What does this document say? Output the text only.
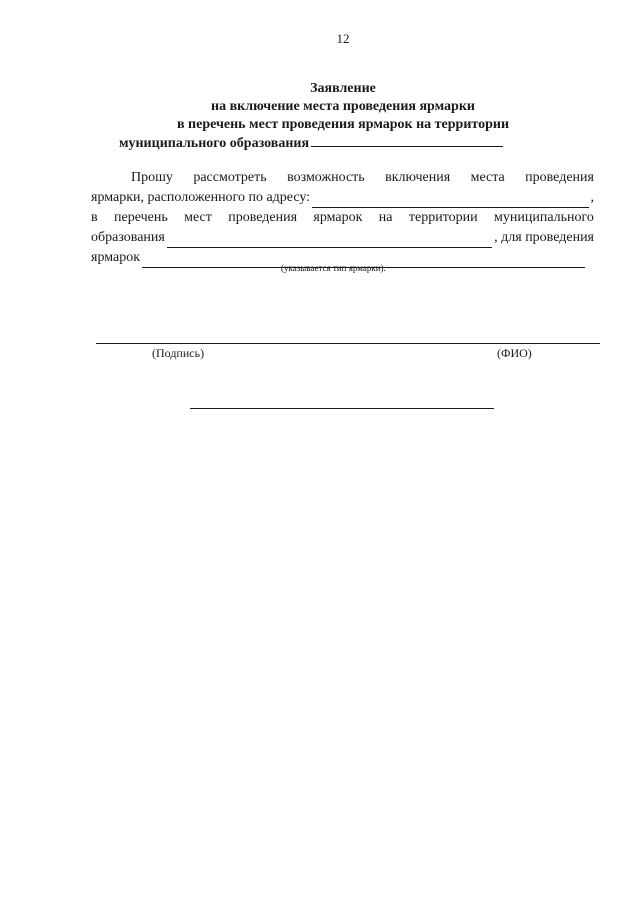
12
Заявление
на включение места проведения ярмарки
в перечень мест проведения ярмарок на территории
муниципального образования
Прошу рассмотреть возможность включения места проведения
ярмарки, расположенного по адресу:	,
в перечень мест проведения ярмарок на территории муниципального
образования	, для проведения
ярмарок
(указывается тип ярмарки).
(Подпись)	(ФИО)
